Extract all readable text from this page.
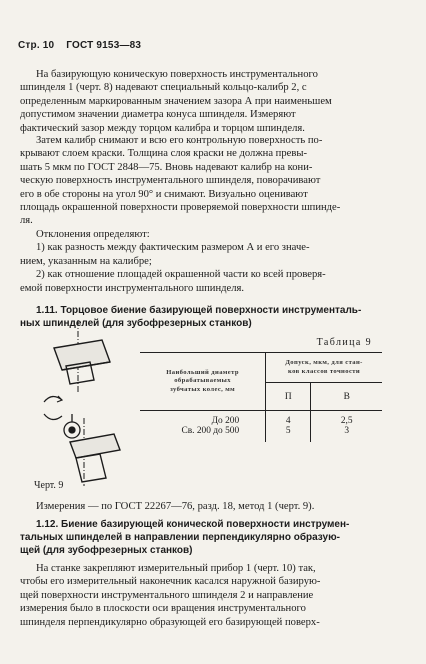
Стр. 10 ГОСТ 9153—83
На базирующую коническую поверхность инструментального
шпинделя 1 (черт. 8) надевают специальный кольцо-калибр 2, с
определенным маркированным значением зазора А при наименьшем
допустимом значении диаметра конуса шпинделя. Измеряют
фактический зазор между торцом калибра и торцом шпинделя.
Затем калибр снимают и всю его контрольную поверхность по-
крывают слоем краски. Толщина слоя краски не должна превы-
шать 5 мкм по ГОСТ 2848—75. Вновь надевают калибр на кони-
ческую поверхность инструментального шпинделя, поворачивают
его в обе стороны на угол 90° и снимают. Визуально оценивают
площадь окрашенной поверхности проверяемой поверхности шпинде-
ля.
Отклонения определяют:
1) как разность между фактическим размером А и его значе-
нием, указанным на калибре;
2) как отношение площадей окрашенной части ко всей проверя-
емой поверхности инструментального шпинделя.
1.11. Торцовое биение базирующей поверхности инструменталь-
ных шпинделей (для зубофрезерных станков)
Таблица 9
Наибольший диаметр
обрабатываемых
зубчатых колес, мм	Допуск, мкм, для стан-
ков классов точности	

	П	В
До 200	4	2,5
Св. 200 до 500	5	3
Черт. 9
Измерения — по ГОСТ 22267—76, разд. 18, метод 1 (черт. 9).
1.12. Биение базирующей конической поверхности инструмен-
тальных шпинделей в направлении перпендикулярно образую-
щей (для зубофрезерных станков)
На станке закрепляют измерительный прибор 1 (черт. 10) так,
чтобы его измерительный наконечник касался наружной базирую-
щей поверхности инструментального шпинделя 2 и направление
измерения было в плоскости оси вращения инструментального
шпинделя перпендикулярно образующей его базирующей поверх-
